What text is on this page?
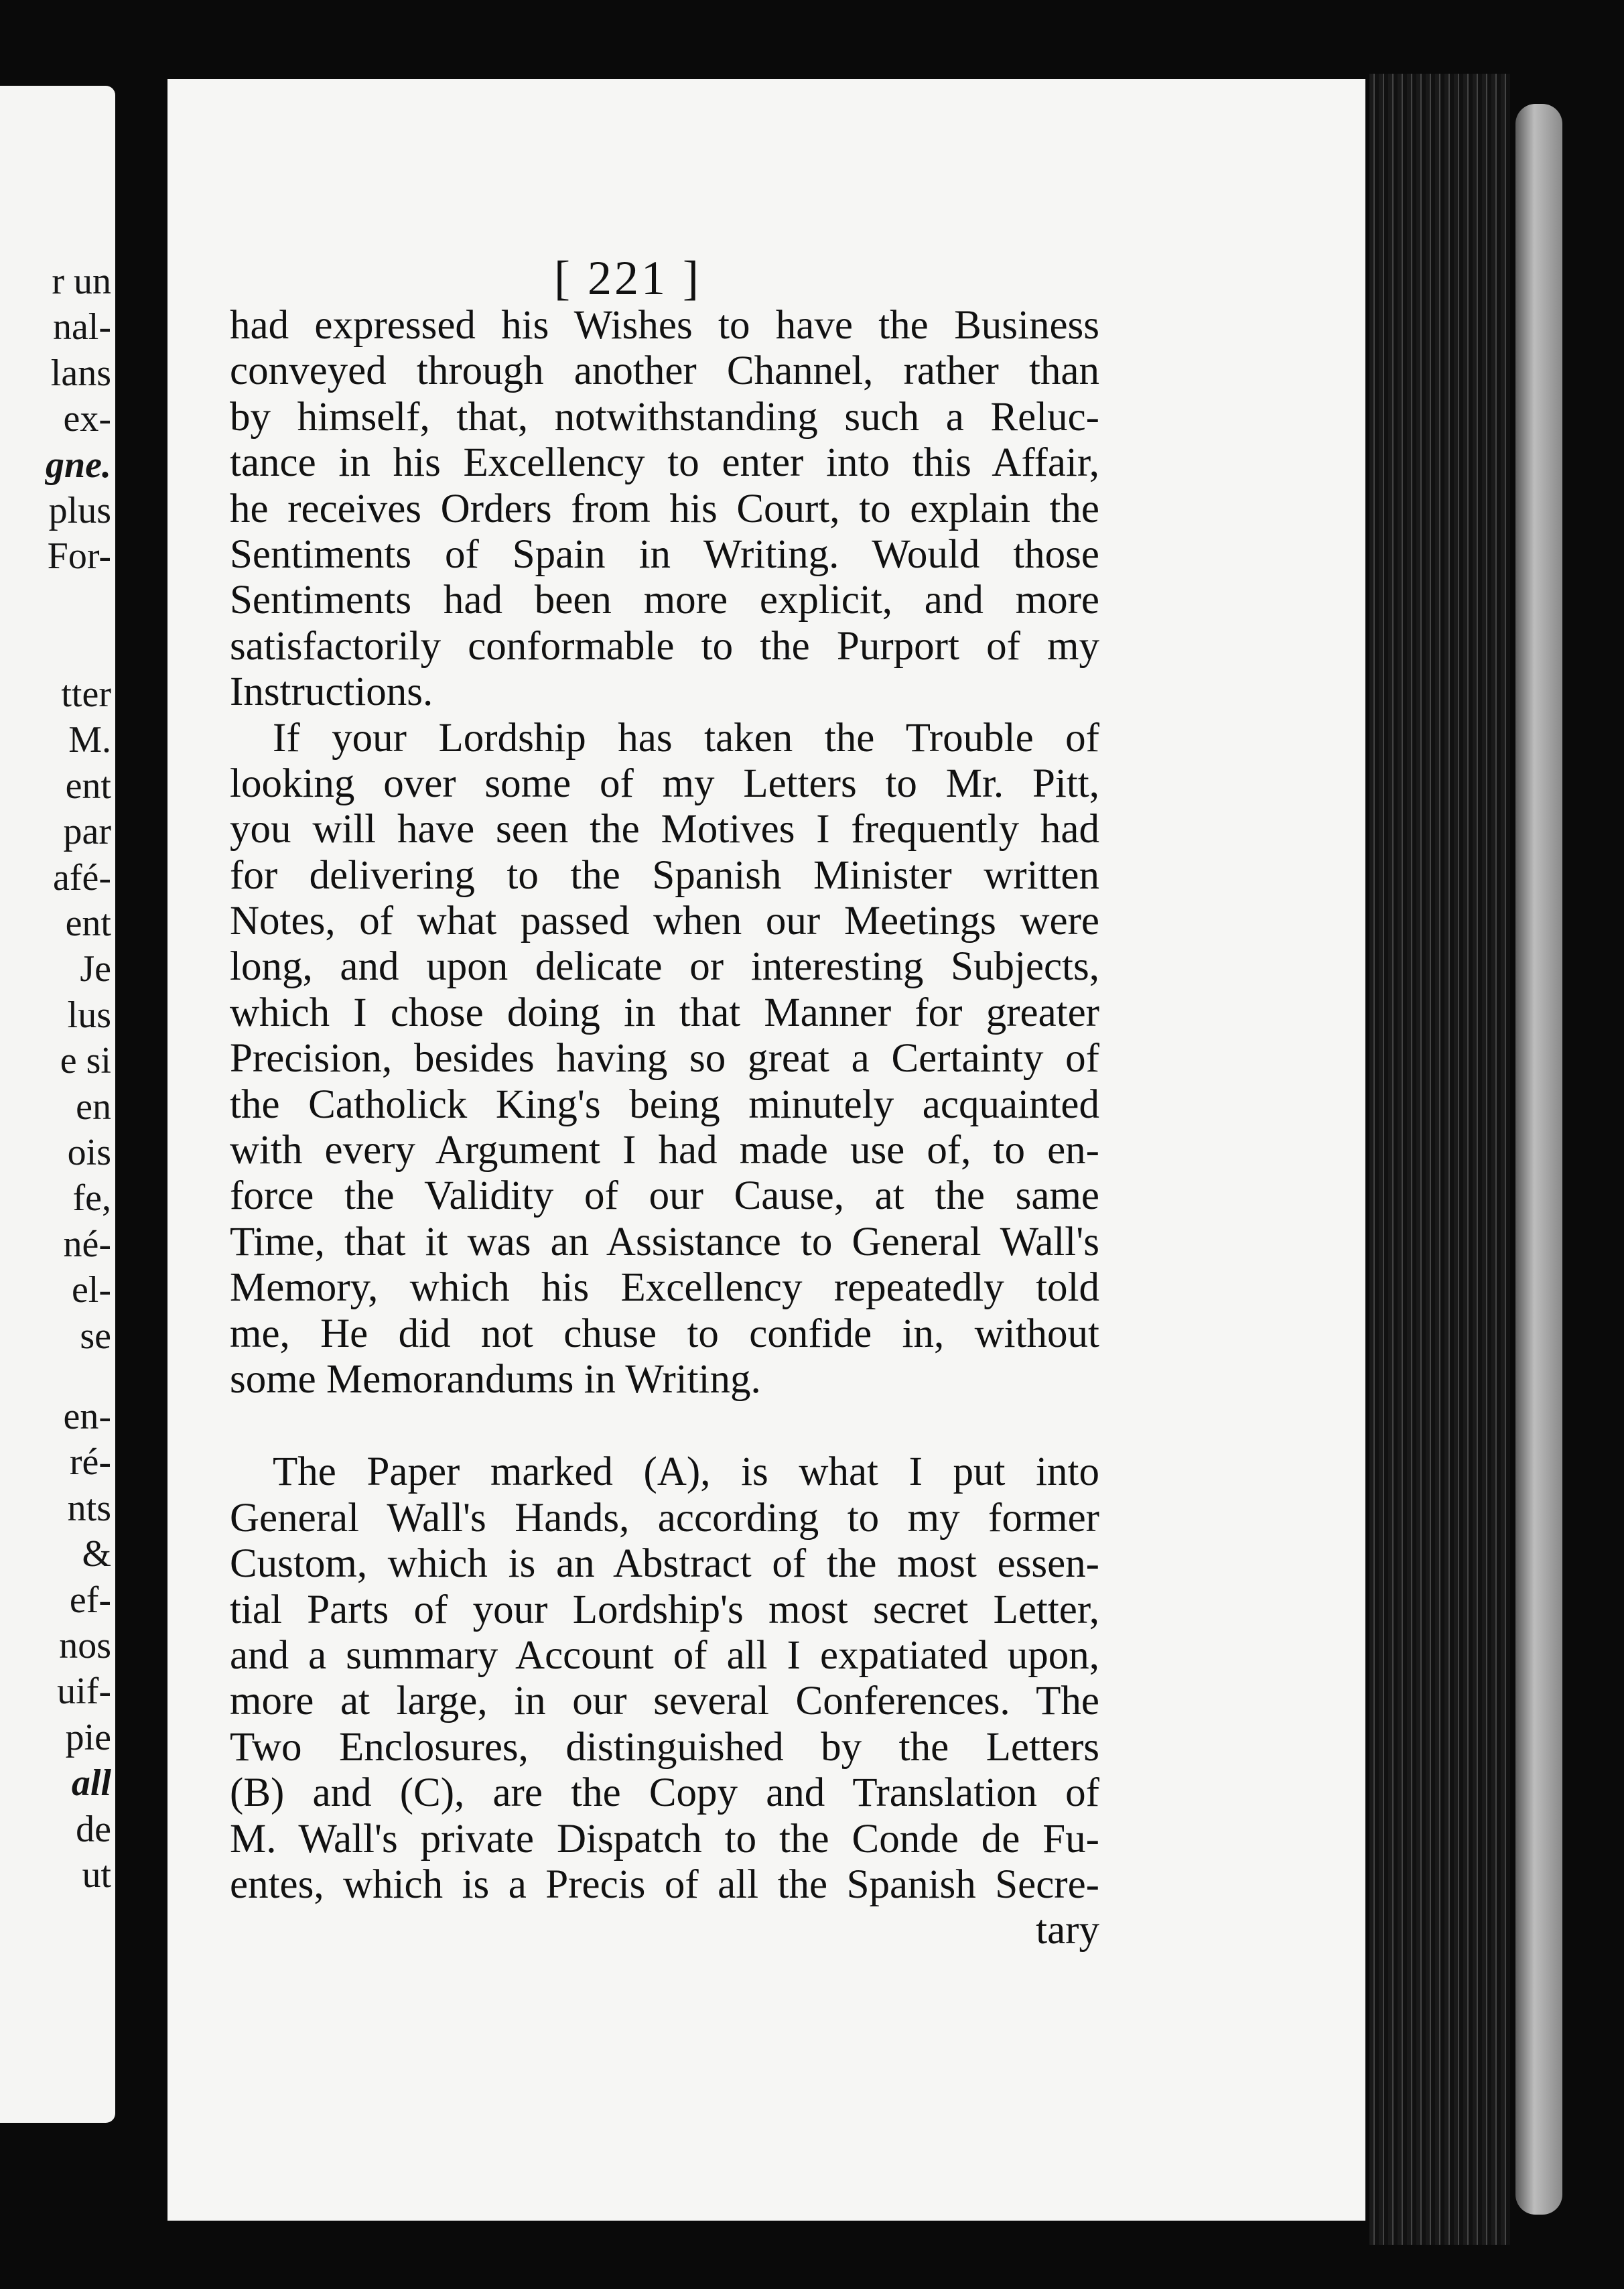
r un
nal-
lans
ex-
gne.
plus
For-
tter
M.
ent
par
afé-
ent
Je
lus
e si
en
ois
fe,
né-
el-
se
en-
ré-
nts
&
ef-
nos
uif-
pie
all
de
ut
[ 221 ]
had expressed his Wishes to have the Business
conveyed through another Channel, rather than
by himself, that, notwithstanding such a Reluc-
tance in his Excellency to enter into this Affair,
he receives Orders from his Court, to explain the
Sentiments of Spain in Writing. Would those
Sentiments had been more explicit, and more
satisfactorily conformable to the Purport of my
Instructions.
If your Lordship has taken the Trouble of
looking over some of my Letters to Mr. Pitt,
you will have seen the Motives I frequently had
for delivering to the Spanish Minister written
Notes, of what passed when our Meetings were
long, and upon delicate or interesting Subjects,
which I chose doing in that Manner for greater
Precision, besides having so great a Certainty of
the Catholick King's being minutely acquainted
with every Argument I had made use of, to en-
force the Validity of our Cause, at the same
Time, that it was an Assistance to General Wall's
Memory, which his Excellency repeatedly told
me, He did not chuse to confide in, without
some Memorandums in Writing.
The Paper marked (A), is what I put into
General Wall's Hands, according to my former
Custom, which is an Abstract of the most essen-
tial Parts of your Lordship's most secret Letter,
and a summary Account of all I expatiated upon,
more at large, in our several Conferences. The
Two Enclosures, distinguished by the Letters
(B) and (C), are the Copy and Translation of
M. Wall's private Dispatch to the Conde de Fu-
entes, which is a Precis of all the Spanish Secre-
tary
